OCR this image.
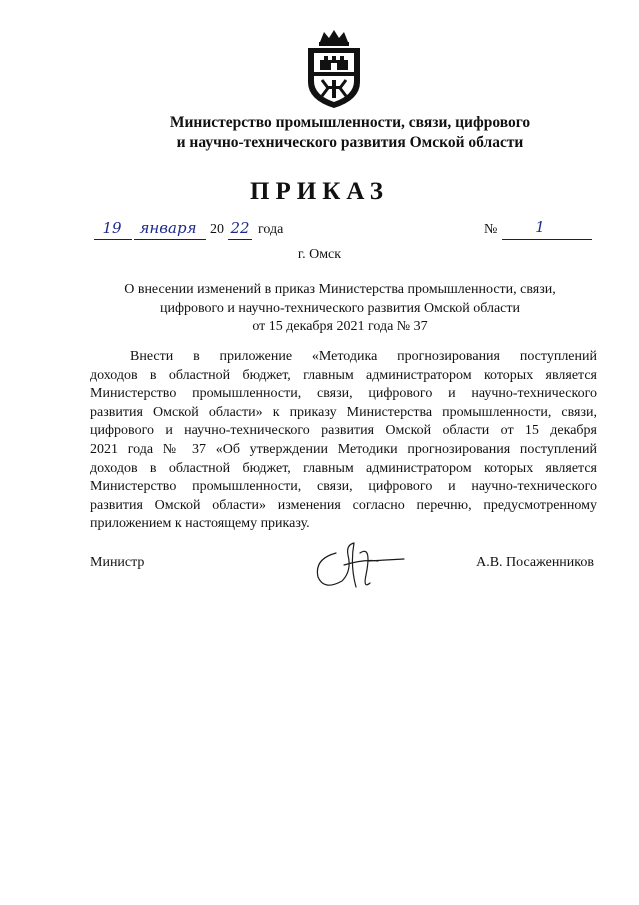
Министерство промышленности, связи, цифрового
и научно-технического развития Омской области
ПРИКАЗ
19	января 20 22 года	№	1
г. Омск
О внесении изменений в приказ Министерства промышленности, связи,
цифрового и научно-технического развития Омской области
от 15 декабря 2021 года № 37
Внести в приложение «Методика прогнозирования поступлений
доходов в областной бюджет, главным администратором которых является
Министерство промышленности, связи, цифрового и научно-технического
развития Омской области» к приказу Министерства промышленности, связи,
цифрового и научно-технического развития Омской области от 15 декабря
2021 года № 37 «Об утверждении Методики прогнозирования поступлений
доходов в областной бюджет, главным администратором которых является
Министерство промышленности, связи, цифрового и научно-технического
развития Омской области» изменения согласно перечню, предусмотренному
приложением к настоящему приказу.
Министр	А.В. Посаженников
